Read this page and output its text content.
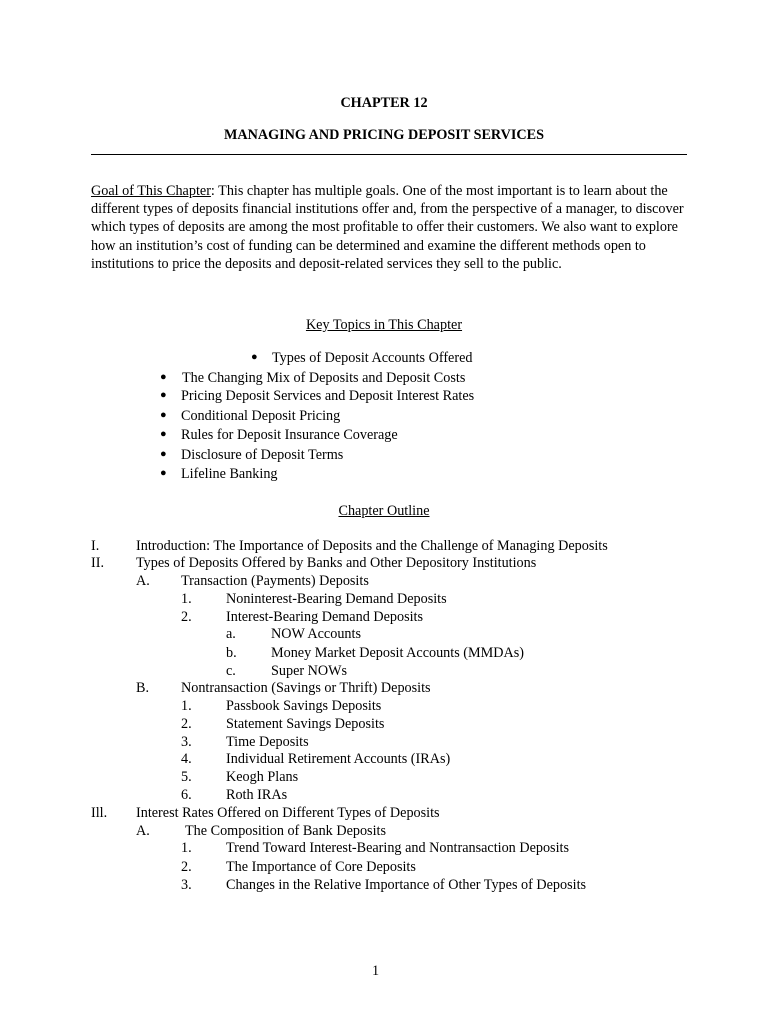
CHAPTER 12
MANAGING AND PRICING DEPOSIT SERVICES
Goal of This Chapter: This chapter has multiple goals. One of the most important is to learn about the different types of deposits financial institutions offer and, from the perspective of a manager, to discover which types of deposits are among the most profitable to offer their customers. We also want to explore how an institution’s cost of funding can be determined and examine the different methods open to institutions to price the deposits and deposit-related services they sell to the public.
Key Topics in This Chapter
● Types of Deposit Accounts Offered
● The Changing Mix of Deposits and Deposit Costs
● Pricing Deposit Services and Deposit Interest Rates
● Conditional Deposit Pricing
● Rules for Deposit Insurance Coverage
● Disclosure of Deposit Terms
● Lifeline Banking
Chapter Outline
I.	Introduction: The Importance of Deposits and the Challenge of Managing Deposits
II. Types of Deposits Offered by Banks and Other Depository Institutions
A. Transaction (Payments) Deposits
1. Noninterest-Bearing Demand Deposits
2. Interest-Bearing Demand Deposits
a. NOW Accounts
b. Money Market Deposit Accounts (MMDAs)
c. Super NOWs
B. Nontransaction (Savings or Thrift) Deposits
1. Passbook Savings Deposits
2. Statement Savings Deposits
3. Time Deposits
4. Individual Retirement Accounts (IRAs)
5. Keogh Plans
6. Roth IRAs
Ill. Interest Rates Offered on Different Types of Deposits
A. The Composition of Bank Deposits
1. Trend Toward Interest-Bearing and Nontransaction Deposits
2. The Importance of Core Deposits
3. Changes in the Relative Importance of Other Types of Deposits
1
